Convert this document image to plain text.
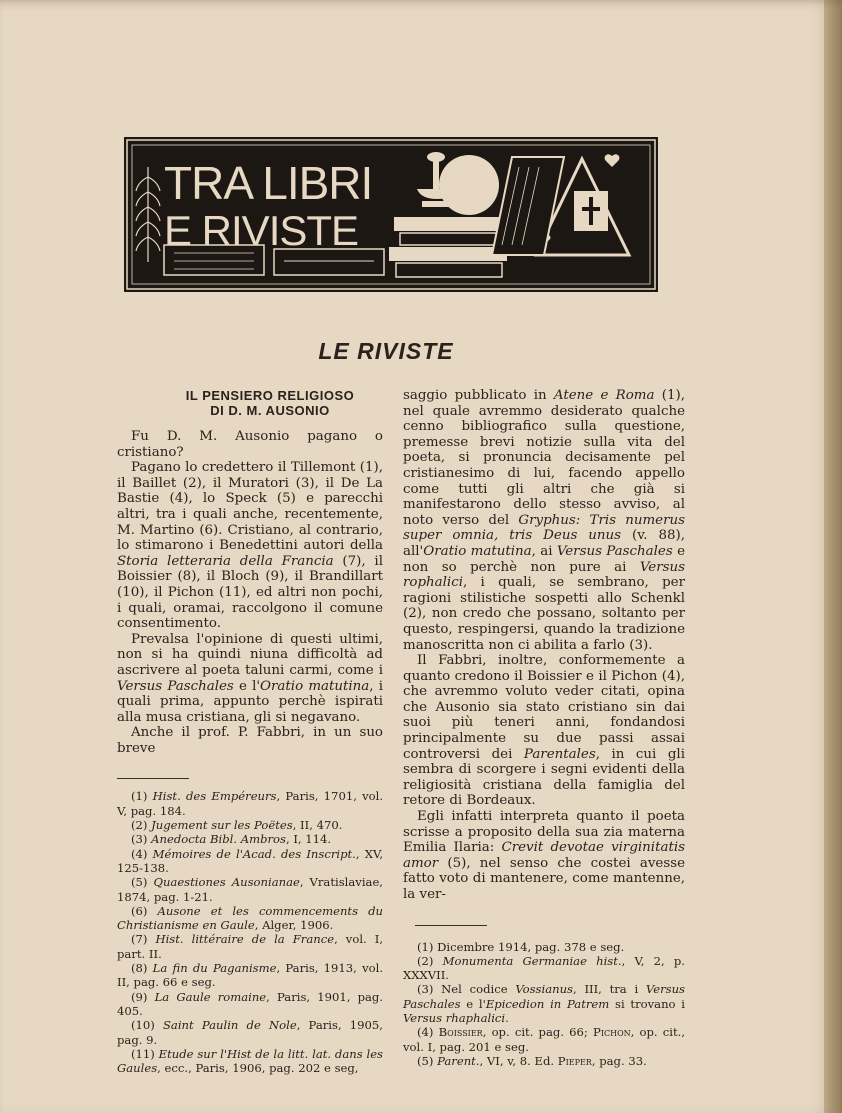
TRA LIBRI
E RIVISTE
LE RIVISTE
IL PENSIERO RELIGIOSO
DI D. M. AUSONIO

Fu D. M. Ausonio pagano o cristiano?

Pagano lo credettero il Tillemont (1), il Baillet (2), il Muratori (3), il De La Bastie (4), lo Speck (5) e parecchi altri, tra i quali anche, recentemente, M. Martino (6). Cristiano, al contrario, lo stimarono i Benedettini autori della Storia letteraria della Francia (7), il Boissier (8), il Bloch (9), il Brandillart (10), il Pichon (11), ed altri non pochi, i quali, oramai, raccolgono il comune consentimento.

Prevalsa l'opinione di questi ultimi, non si ha quindi niuna difficoltà ad ascrivere al poeta taluni carmi, come i Versus Paschales e l'Oratio matutina, i quali prima, appunto perchè ispirati alla musa cristiana, gli si negavano.

Anche il prof. P. Fabbri, in un suo breve

(1) Hist. des Empéreurs, Paris, 1701, vol. V, pag. 184.

(2) Jugement sur les Poëtes, II, 470.

(3) Anedocta Bibl. Ambros, I, 114.

(4) Mémoires de l'Acad. des Inscript., XV, 125-138.

(5) Quaestiones Ausonianae, Vratislaviae, 1874, pag. 1-21.

(6) Ausone et les commencements du Christianisme en Gaule, Alger, 1906.

(7) Hist. littéraire de la France, vol. I, part. II.

(8) La fin du Paganisme, Paris, 1913, vol. II, pag. 66 e seg.

(9) La Gaule romaine, Paris, 1901, pag. 405.

(10) Saint Paulin de Nole, Paris, 1905, pag. 9.

(11) Etude sur l'Hist de la litt. lat. dans les Gaules, ecc., Paris, 1906, pag. 202 e seg,

saggio pubblicato in Atene e Roma (1), nel quale avremmo desiderato qualche cenno bibliografico sulla questione, premesse brevi notizie sulla vita del poeta, si pronuncia decisamente pel cristianesimo di lui, facendo appello come tutti gli altri che già si manifestarono dello stesso avviso, al noto verso del Gryphus: Tris numerus super omnia, tris Deus unus (v. 88), all'Oratio matutina, ai Versus Paschales e non so perchè non pure ai Versus rophalici, i quali, se sembrano, per ragioni stilistiche sospetti allo Schenkl (2), non credo che possano, soltanto per questo, respingersi, quando la tradizione manoscritta non ci abilita a farlo (3).

Il Fabbri, inoltre, conformemente a quanto credono il Boissier e il Pichon (4), che avremmo voluto veder citati, opina che Ausonio sia stato cristiano sin dai suoi più teneri anni, fondandosi principalmente su due passi assai controversi dei Parentales, in cui gli sembra di scorgere i segni evidenti della religiosità cristiana della famiglia del retore di Bordeaux.

Egli infatti interpreta quanto il poeta scrisse a proposito della sua zia materna Emilia Ilaria: Crevit devotae virginitatis amor (5), nel senso che costei avesse fatto voto di mantenere, come mantenne, la ver-

(1) Dicembre 1914, pag. 378 e seg.

(2) Monumenta Germaniae hist., V, 2, p. XXXVII.

(3) Nel codice Vossianus, III, tra i Versus Paschales e l'Epicedion in Patrem si trovano i Versus rhaphalici.

(4) Boissier, op. cit. pag. 66; Pichon, op. cit., vol. I, pag. 201 e seg.

(5) Parent., VI, v, 8. Ed. Pieper, pag. 33.
